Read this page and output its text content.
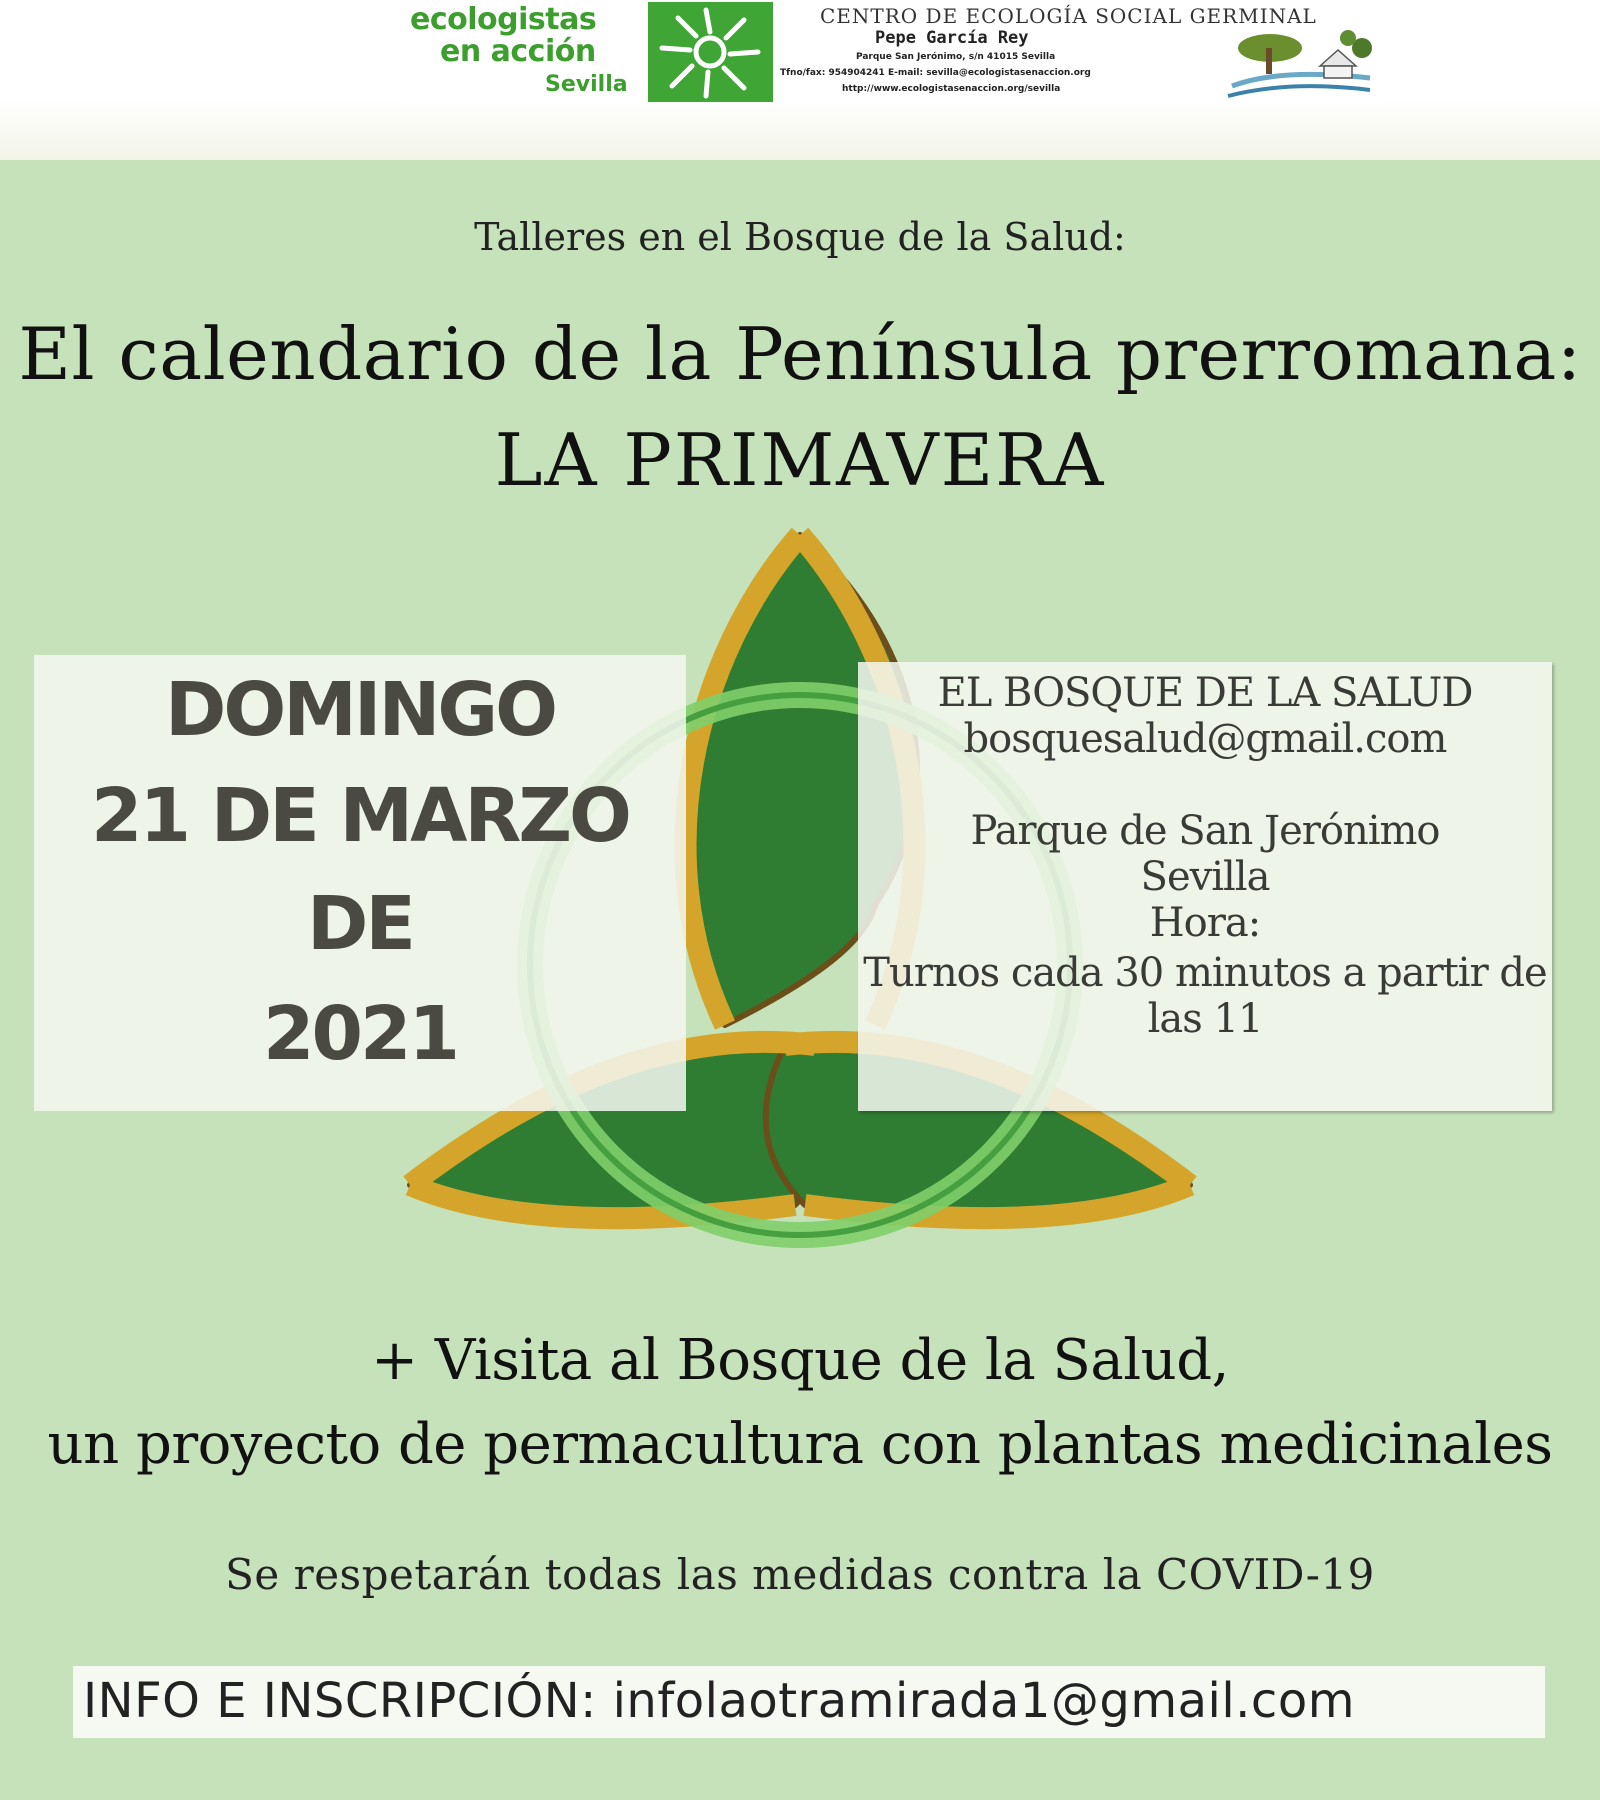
ecologistas
en acción
Sevilla
CENTRO DE ECOLOGÍA SOCIAL GERMINAL
Pepe García Rey
Parque San Jerónimo, s/n 41015 Sevilla
Tfno/fax: 954904241 E-mail: sevilla@ecologistasenaccion.org
http://www.ecologistasenaccion.org/sevilla
Talleres en el Bosque de la Salud:
El calendario de la Península prerromana:
LA PRIMAVERA
DOMINGO
21 DE MARZO
DE
2021
EL BOSQUE DE LA SALUD
bosquesalud@gmail.com
Parque de San Jerónimo
Sevilla
Hora:
Turnos cada 30 minutos a partir de
las 11
+ Visita al Bosque de la Salud,
un proyecto de permacultura con plantas medicinales
Se respetarán todas las medidas contra la COVID-19
INFO E INSCRIPCIÓN: infolaotramirada1@gmail.com
